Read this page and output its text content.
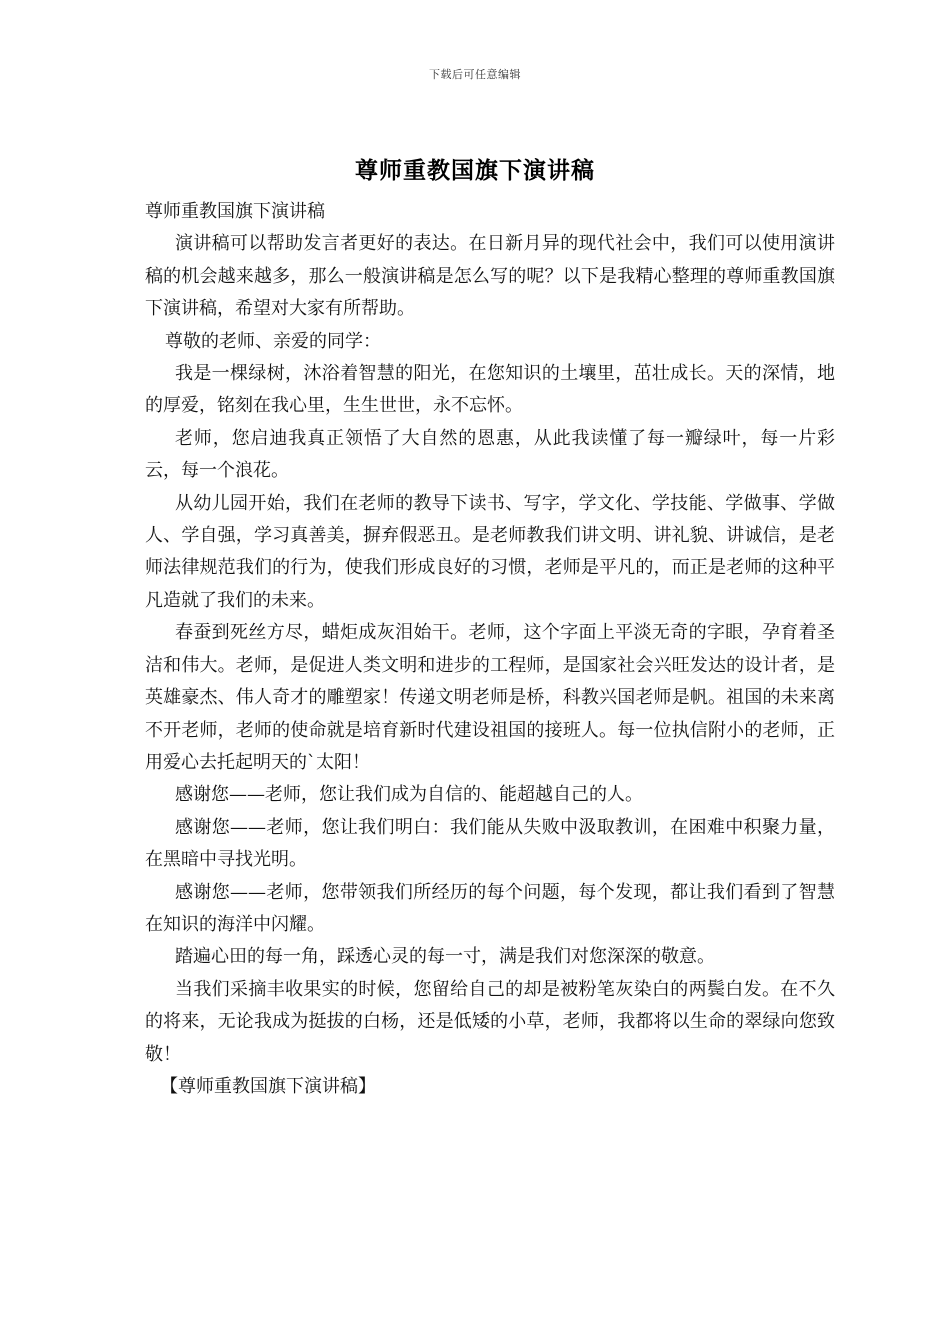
下载后可任意编辑
尊师重教国旗下演讲稿

尊师重教国旗下演讲稿

演讲稿可以帮助发言者更好的表达。在日新月异的现代社会中，我们可以使用演讲稿的机会越来越多，那么一般演讲稿是怎么写的呢？以下是我精心整理的尊师重教国旗下演讲稿，希望对大家有所帮助。

尊敬的老师、亲爱的同学：

我是一棵绿树，沐浴着智慧的阳光，在您知识的土壤里，茁壮成长。天的深情，地的厚爱，铭刻在我心里，生生世世，永不忘怀。

老师，您启迪我真正领悟了大自然的恩惠，从此我读懂了每一瓣绿叶，每一片彩云，每一个浪花。

从幼儿园开始，我们在老师的教导下读书、写字，学文化、学技能、学做事、学做人、学自强，学习真善美，摒弃假恶丑。是老师教我们讲文明、讲礼貌、讲诚信，是老师法律规范我们的行为，使我们形成良好的习惯，老师是平凡的，而正是老师的这种平凡造就了我们的未来。

春蚕到死丝方尽，蜡炬成灰泪始干。老师，这个字面上平淡无奇的字眼，孕育着圣洁和伟大。老师，是促进人类文明和进步的工程师，是国家社会兴旺发达的设计者，是英雄豪杰、伟人奇才的雕塑家！传递文明老师是桥，科教兴国老师是帆。祖国的未来离不开老师，老师的使命就是培育新时代建设祖国的接班人。每一位执信附小的老师，正用爱心去托起明天的`太阳！

感谢您——老师，您让我们成为自信的、能超越自己的人。

感谢您——老师，您让我们明白：我们能从失败中汲取教训，在困难中积聚力量，在黑暗中寻找光明。

感谢您——老师，您带领我们所经历的每个问题，每个发现，都让我们看到了智慧在知识的海洋中闪耀。

踏遍心田的每一角，踩透心灵的每一寸，满是我们对您深深的敬意。

当我们采摘丰收果实的时候，您留给自己的却是被粉笔灰染白的两鬓白发。在不久的将来，无论我成为挺拔的白杨，还是低矮的小草，老师，我都将以生命的翠绿向您致敬！

【尊师重教国旗下演讲稿】
